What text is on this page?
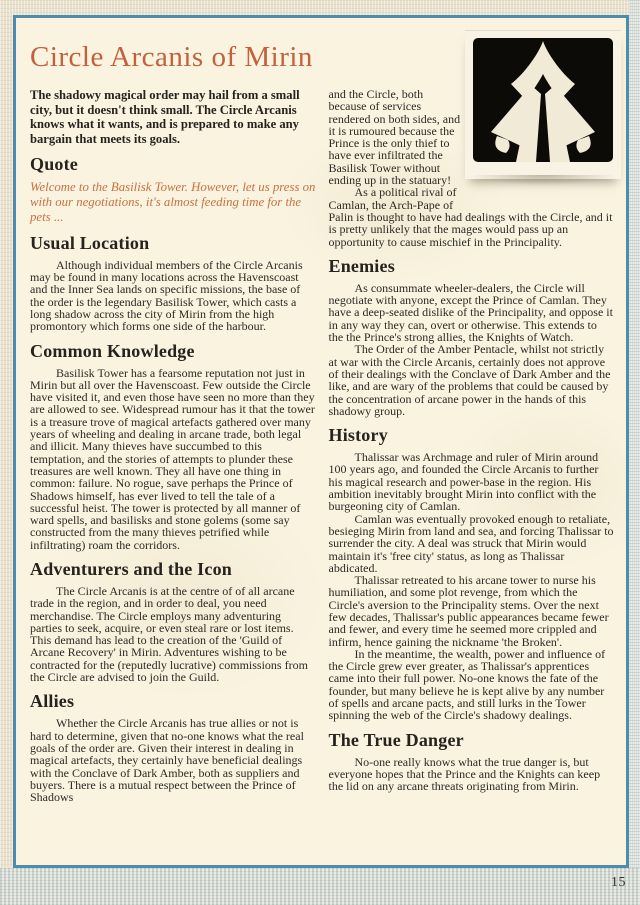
Circle Arcanis of Mirin

The shadowy magical order may hail from a small city, but it doesn't think small. The Circle Arcanis knows what it wants, and is prepared to make any bargain that meets its goals.

Quote

Welcome to the Basilisk Tower. However, let us press on with our negotiations, it's almost feeding time for the pets ...

Usual Location

Although individual members of the Circle Arcanis may be found in many locations across the Havenscoast and the Inner Sea lands on specific missions, the base of the order is the legendary Basilisk Tower, which casts a long shadow across the city of Mirin from the high promontory which forms one side of the harbour.

Common Knowledge

Basilisk Tower has a fearsome reputation not just in Mirin but all over the Havenscoast. Few outside the Circle have visited it, and even those have seen no more than they are allowed to see. Widespread rumour has it that the tower is a treasure trove of magical artefacts gathered over many years of wheeling and dealing in arcane trade, both legal and illicit. Many thieves have succumbed to this temptation, and the stories of attempts to plunder these treasures are well known. They all have one thing in common: failure. No rogue, save perhaps the Prince of Shadows himself, has ever lived to tell the tale of a successful heist. The tower is protected by all manner of ward spells, and basilisks and stone golems (some say constructed from the many thieves petrified while infiltrating) roam the corridors.

Adventurers and the Icon

The Circle Arcanis is at the centre of of all arcane trade in the region, and in order to deal, you need merchandise. The Circle employs many adventuring parties to seek, acquire, or even steal rare or lost items. This demand has lead to the creation of the 'Guild of Arcane Recovery' in Mirin. Adventures wishing to be contracted for the (reputedly lucrative) commissions from the Circle are advised to join the Guild.

Allies

Whether the Circle Arcanis has true allies or not is hard to determine, given that no-one knows what the real goals of the order are. Given their interest in dealing in magical artefacts, they certainly have beneficial dealings with the Conclave of Dark Amber, both as suppliers and buyers. There is a mutual respect between the Prince of Shadows

and the Circle, both because of services rendered on both sides, and it is rumoured because the Prince is the only thief to have ever infiltrated the Basilisk Tower without ending up in the statuary!

As a political rival of Camlan, the Arch-Pape of Palin is thought to have had dealings with the Circle, and it is pretty unlikely that the mages would pass up an opportunity to cause mischief in the Principality.

Enemies

As consummate wheeler-dealers, the Circle will negotiate with anyone, except the Prince of Camlan. They have a deep-seated dislike of the Principality, and oppose it in any way they can, overt or otherwise. This extends to the the Prince's strong allies, the Knights of Watch.

The Order of the Amber Pentacle, whilst not strictly at war with the Circle Arcanis, certainly does not approve of their dealings with the Conclave of Dark Amber and the like, and are wary of the problems that could be caused by the concentration of arcane power in the hands of this shadowy group.

History

Thalissar was Archmage and ruler of Mirin around 100 years ago, and founded the Circle Arcanis to further his magical research and power-base in the region. His ambition inevitably brought Mirin into conflict with the burgeoning city of Camlan.

Camlan was eventually provoked enough to retaliate, besieging Mirin from land and sea, and forcing Thalissar to surrender the city. A deal was struck that Mirin would maintain it's 'free city' status, as long as Thalissar abdicated.

Thalissar retreated to his arcane tower to nurse his humiliation, and some plot revenge, from which the Circle's aversion to the Principality stems. Over the next few decades, Thalissar's public appearances became fewer and fewer, and every time he seemed more crippled and infirm, hence gaining the nickname 'the Broken'.

In the meantime, the wealth, power and influence of the Circle grew ever greater, as Thalissar's apprentices came into their full power. No-one knows the fate of the founder, but many believe he is kept alive by any number of spells and arcane pacts, and still lurks in the Tower spinning the web of the Circle's shadowy dealings.

The True Danger

No-one really knows what the true danger is, but everyone hopes that the Prince and the Knights can keep the lid on any arcane threats originating from Mirin.

15
